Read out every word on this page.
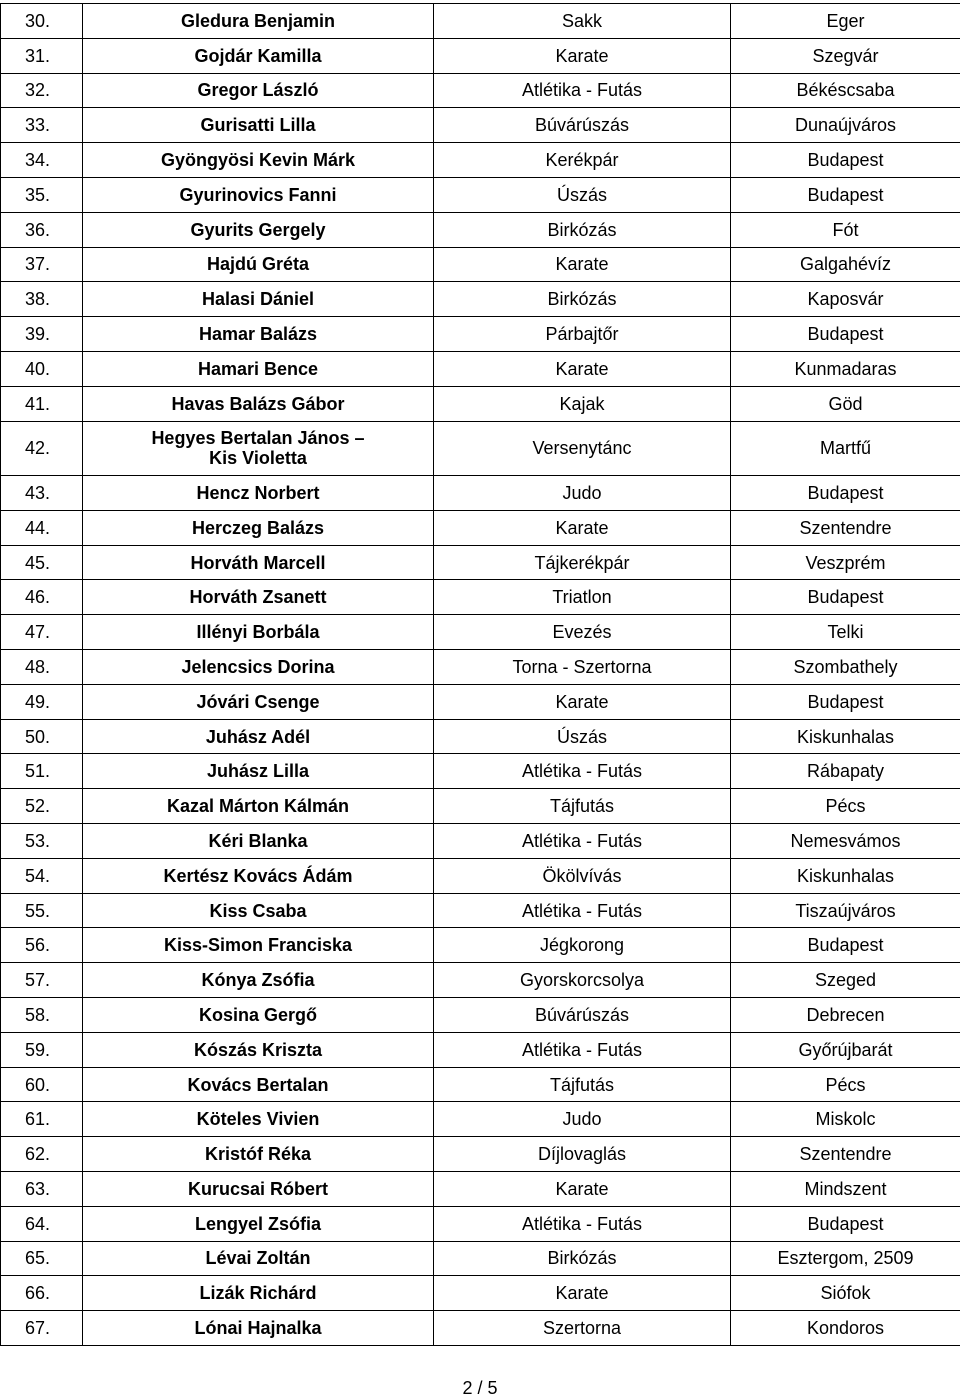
30.	Gledura Benjamin	Sakk	Eger
31.	Gojdár Kamilla	Karate	Szegvár
32.	Gregor László	Atlétika - Futás	Békéscsaba
33.	Gurisatti Lilla	Búvárúszás	Dunaújváros
34.	Gyöngyösi Kevin Márk	Kerékpár	Budapest
35.	Gyurinovics Fanni	Úszás	Budapest
36.	Gyurits Gergely	Birkózás	Fót
37.	Hajdú Gréta	Karate	Galgahévíz
38.	Halasi Dániel	Birkózás	Kaposvár
39.	Hamar Balázs	Párbajtőr	Budapest
40.	Hamari Bence	Karate	Kunmadaras
41.	Havas Balázs Gábor	Kajak	Göd
42.	Hegyes Bertalan János –
Kis Violetta	Versenytánc	Martfű
43.	Hencz Norbert	Judo	Budapest
44.	Herczeg Balázs	Karate	Szentendre
45.	Horváth Marcell	Tájkerékpár	Veszprém
46.	Horváth Zsanett	Triatlon	Budapest
47.	Illényi Borbála	Evezés	Telki
48.	Jelencsics Dorina	Torna - Szertorna	Szombathely
49.	Jóvári Csenge	Karate	Budapest
50.	Juhász Adél	Úszás	Kiskunhalas
51.	Juhász Lilla	Atlétika - Futás	Rábapaty
52.	Kazal Márton Kálmán	Tájfutás	Pécs
53.	Kéri Blanka	Atlétika - Futás	Nemesvámos
54.	Kertész Kovács Ádám	Ökölvívás	Kiskunhalas
55.	Kiss Csaba	Atlétika - Futás	Tiszaújváros
56.	Kiss-Simon Franciska	Jégkorong	Budapest
57.	Kónya Zsófia	Gyorskorcsolya	Szeged
58.	Kosina Gergő	Búvárúszás	Debrecen
59.	Kószás Kriszta	Atlétika - Futás	Győrújbarát
60.	Kovács Bertalan	Tájfutás	Pécs
61.	Köteles Vivien	Judo	Miskolc
62.	Kristóf Réka	Díjlovaglás	Szentendre
63.	Kurucsai Róbert	Karate	Mindszent
64.	Lengyel Zsófia	Atlétika - Futás	Budapest
65.	Lévai Zoltán	Birkózás	Esztergom, 2509
66.	Lizák Richárd	Karate	Siófok
67.	Lónai Hajnalka	Szertorna	Kondoros
2 / 5
